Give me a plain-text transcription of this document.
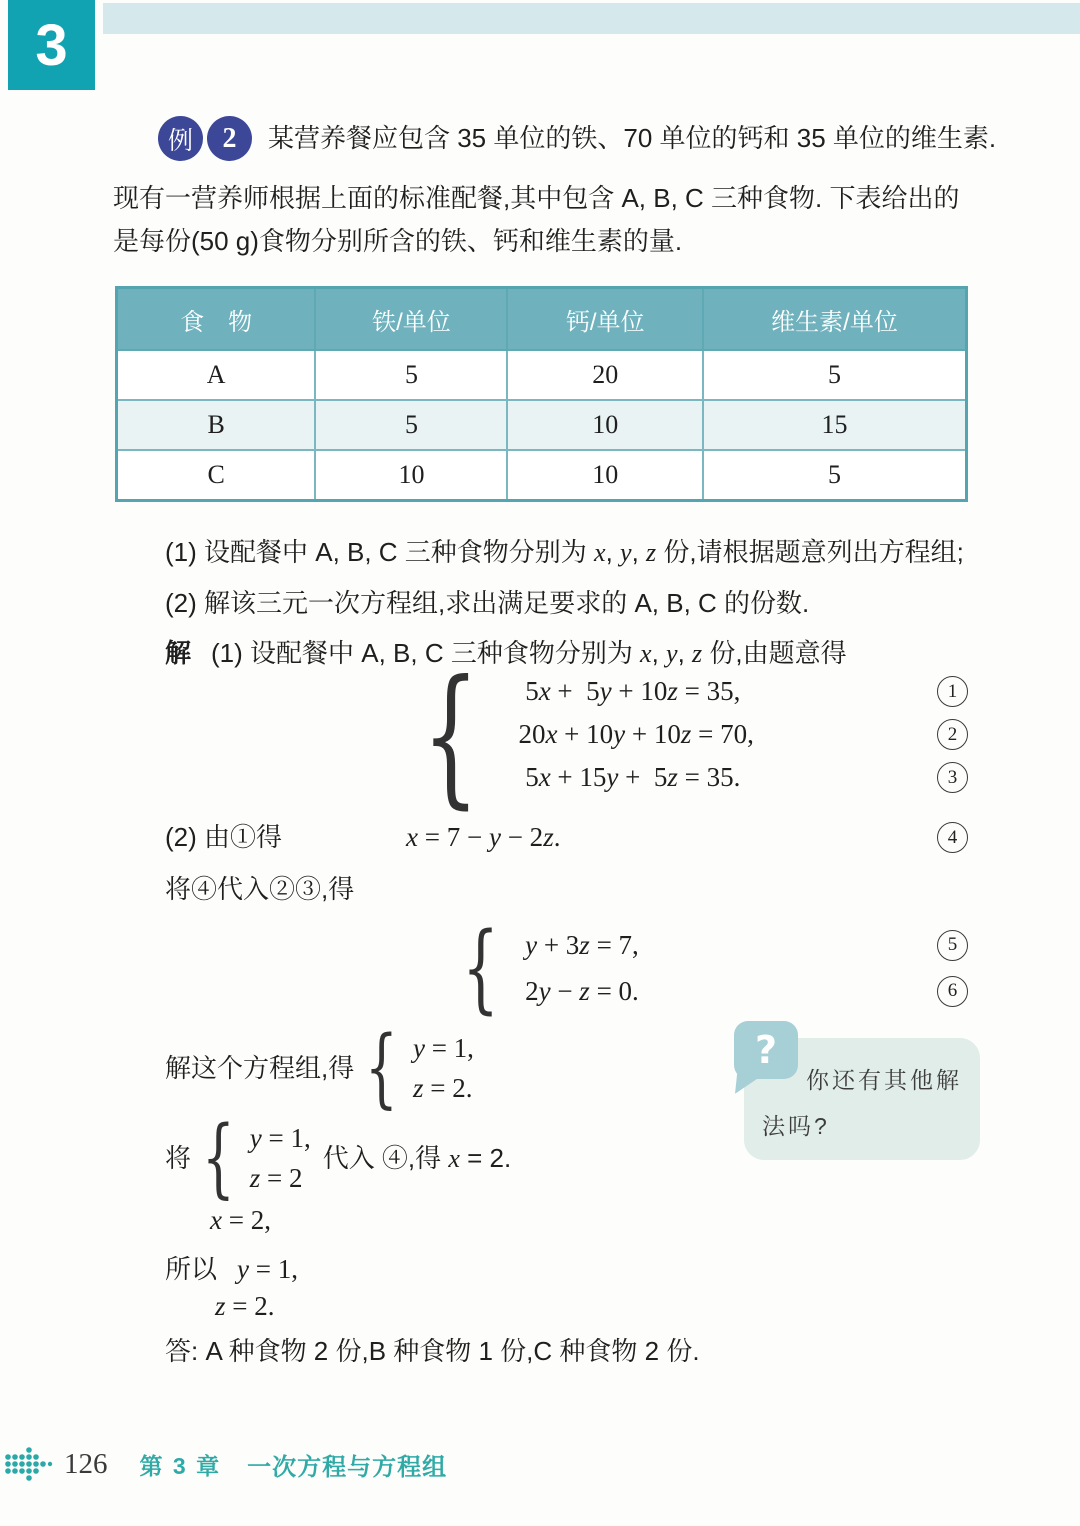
3
例	2	某营养餐应包含 35 单位的铁、70 单位的钙和 35 单位的维生素.
现有一营养师根据上面的标准配餐,其中包含 A, B, C 三种食物. 下表给出的
是每份(50 g)食物分别所含的铁、钙和维生素的量.
食　物	铁/单位	钙/单位	维生素/单位
A	5	20	5
B	5	10	15
C	10	10	5
(1) 设配餐中 A, B, C 三种食物分别为 x, y, z 份,请根据题意列出方程组;
(2) 解该三元一次方程组,求出满足要求的 A, B, C 的份数.
解 (1) 设配餐中 A, B, C 三种食物分别为 x, y, z 份,由题意得
{ 5x +  5y + 10z = 35,	1
20x + 10y + 10z = 70,	2
5x + 15y +  5z = 35.	3
(2) 由①得	x = 7 − y − 2z.	4
将④代入②③,得
{ y + 3z = 7,	5
2y − z = 0.	6
解这个方程组,得 { y = 1,
z = 2.
?
你还有其他解
法吗?
将 { y = 1,
z = 2
代入 ④,得 x = 2.
x = 2,
所以 y = 1,
z = 2.
答: A 种食物 2 份,B 种食物 1 份,C 种食物 2 份.
126 第 3 章 一次方程与方程组
